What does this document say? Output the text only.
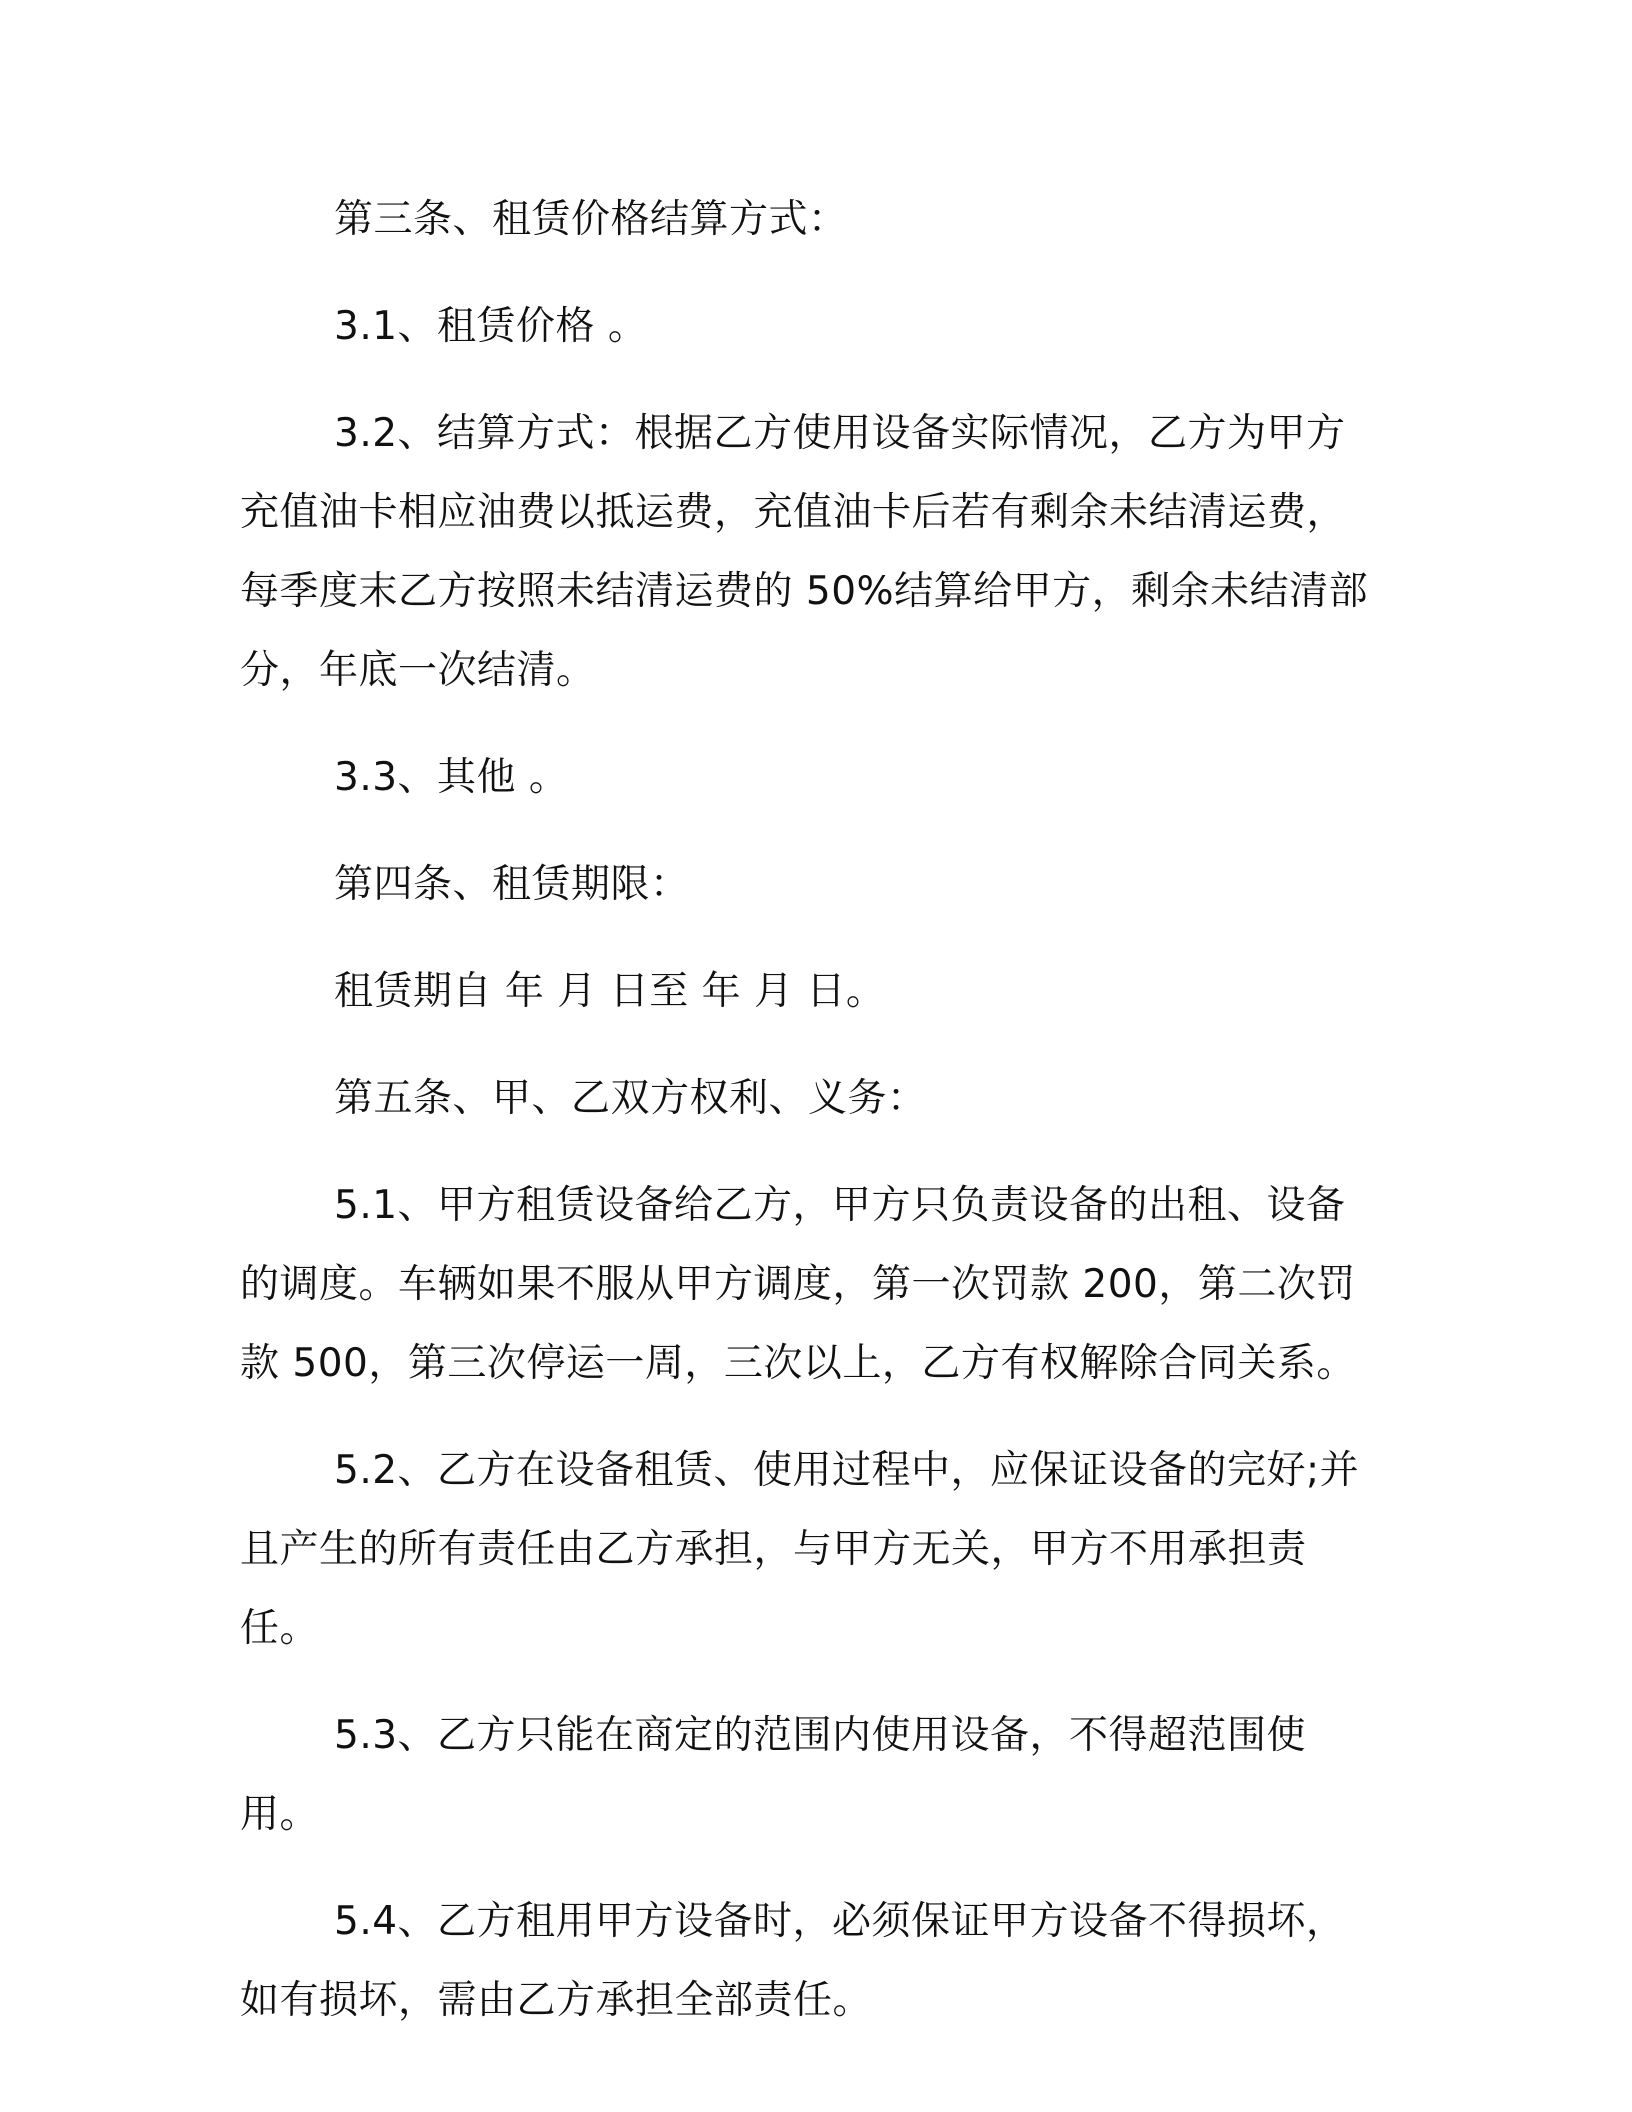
第三条、租赁价格结算方式：

3.1、租赁价格 。

3.2、结算方式：根据乙方使用设备实际情况，乙方为甲方充值油卡相应油费以抵运费，充值油卡后若有剩余未结清运费，每季度末乙方按照未结清运费的 50%结算给甲方，剩余未结清部分，年底一次结清。

3.3、其他 。

第四条、租赁期限：

租赁期自 年 月 日至 年 月 日。

第五条、甲、乙双方权利、义务：

5.1、甲方租赁设备给乙方，甲方只负责设备的出租、设备的调度。车辆如果不服从甲方调度，第一次罚款 200，第二次罚款 500，第三次停运一周，三次以上，乙方有权解除合同关系。

5.2、乙方在设备租赁、使用过程中，应保证设备的完好;并且产生的所有责任由乙方承担，与甲方无关，甲方不用承担责任。

5.3、乙方只能在商定的范围内使用设备，不得超范围使用。

5.4、乙方租用甲方设备时，必须保证甲方设备不得损坏，如有损坏，需由乙方承担全部责任。
